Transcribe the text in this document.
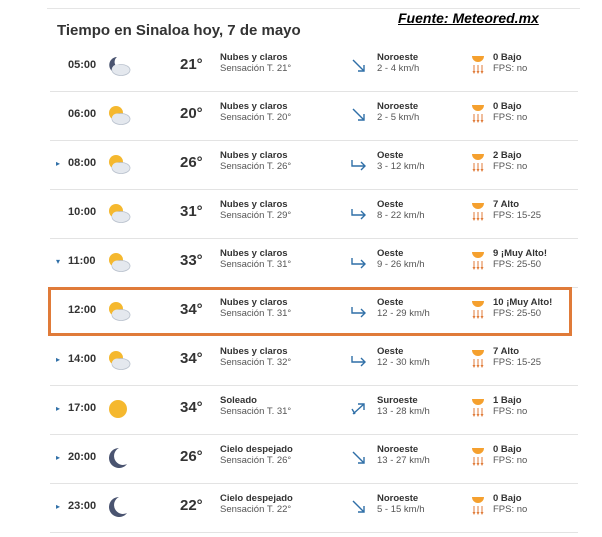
Fuente: Meteored.mx
Tiempo en Sinaloa hoy, 7 de mayo
05:00	21° Nubes y claros
Sensación T. 21°
Noroeste
2 - 4 km/h
0 Bajo
FPS: no
06:00	20° Nubes y claros
Sensación T. 20°
Noroeste
2 - 5 km/h
0 Bajo
FPS: no
▸ 08:00	26° Nubes y claros
Sensación T. 26°
Oeste
3 - 12 km/h
2 Bajo
FPS: no
10:00	31° Nubes y claros
Sensación T. 29°
Oeste
8 - 22 km/h
7 Alto
FPS: 15-25
▾ 11:00	33° Nubes y claros
Sensación T. 31°
Oeste
9 - 26 km/h
9 ¡Muy Alto!
FPS: 25-50
12:00	34° Nubes y claros
Sensación T. 31°
Oeste
12 - 29 km/h
10 ¡Muy Alto!
FPS: 25-50
▸ 14:00	34° Nubes y claros
Sensación T. 32°
Oeste
12 - 30 km/h
7 Alto
FPS: 15-25
▸ 17:00	34° Soleado
Sensación T. 31°
Suroeste
13 - 28 km/h
1 Bajo
FPS: no
▸ 20:00	26° Cielo despejado
Sensación T. 26°
Noroeste
13 - 27 km/h
0 Bajo
FPS: no
▸ 23:00	22° Cielo despejado
Sensación T. 22°
Noroeste
5 - 15 km/h
0 Bajo
FPS: no
